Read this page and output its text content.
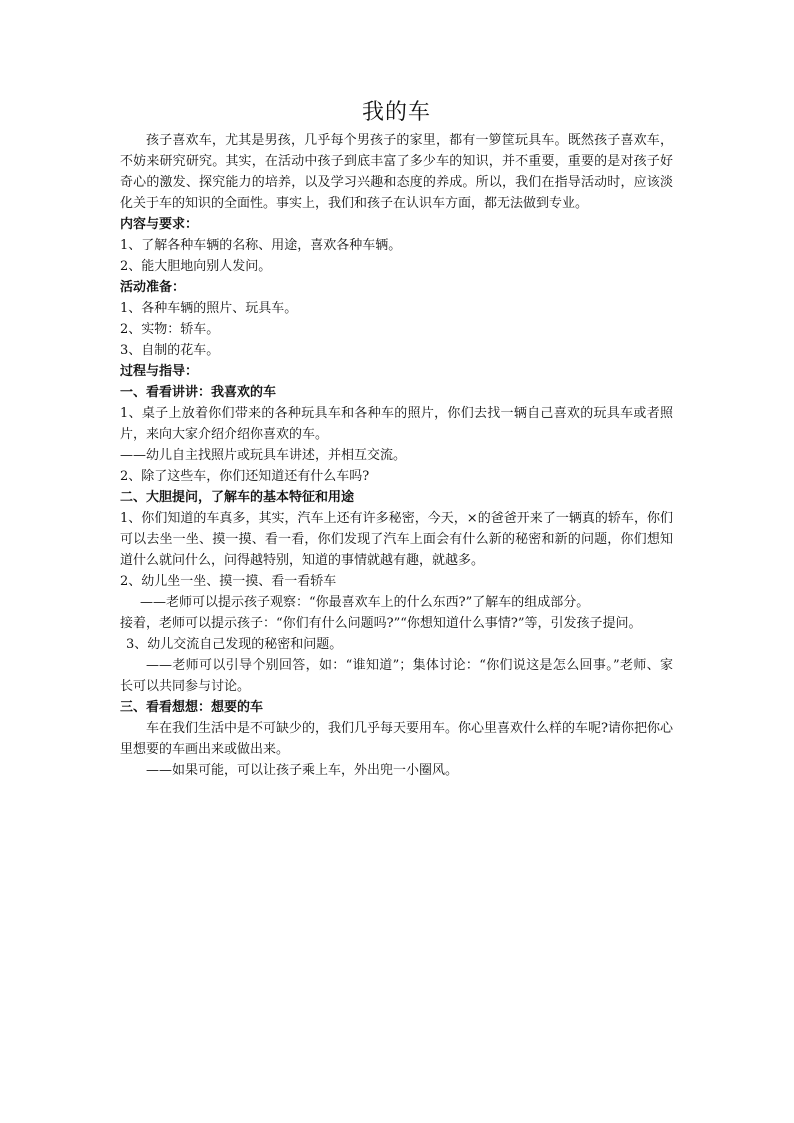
我的车

孩子喜欢车，尤其是男孩，几乎每个男孩子的家里，都有一箩筐玩具车。既然孩子喜欢车，不妨来研究研究。其实，在活动中孩子到底丰富了多少车的知识，并不重要，重要的是对孩子好奇心的激发、探究能力的培养，以及学习兴趣和态度的养成。所以，我们在指导活动时，应该淡化关于车的知识的全面性。事实上，我们和孩子在认识车方面，都无法做到专业。

内容与要求：

1、了解各种车辆的名称、用途，喜欢各种车辆。

2、能大胆地向别人发问。

活动准备：

1、各种车辆的照片、玩具车。

2、实物：轿车。

3、自制的花车。

过程与指导：

一、看看讲讲：我喜欢的车

1、桌子上放着你们带来的各种玩具车和各种车的照片，你们去找一辆自己喜欢的玩具车或者照片，来向大家介绍介绍你喜欢的车。

——幼儿自主找照片或玩具车讲述，并相互交流。

2、除了这些车，你们还知道还有什么车吗?

二、大胆提问，了解车的基本特征和用途

1、你们知道的车真多，其实，汽车上还有许多秘密，今天，×的爸爸开来了一辆真的轿车，你们可以去坐一坐、摸一摸、看一看，你们发现了汽车上面会有什么新的秘密和新的问题，你们想知道什么就问什么，问得越特别，知道的事情就越有趣，就越多。

2、幼儿坐一坐、摸一摸、看一看轿车

——老师可以提示孩子观察：“你最喜欢车上的什么东西?”了解车的组成部分。

接着，老师可以提示孩子：“你们有什么问题吗?”“你想知道什么事情?”等，引发孩子提问。

3、幼儿交流自己发现的秘密和问题。

——老师可以引导个别回答，如：“谁知道”；集体讨论：“你们说这是怎么回事。”老师、家长可以共同参与讨论。

三、看看想想：想要的车

车在我们生活中是不可缺少的，我们几乎每天要用车。你心里喜欢什么样的车呢?请你把你心里想要的车画出来或做出来。

——如果可能，可以让孩子乘上车，外出兜一小圈风。
